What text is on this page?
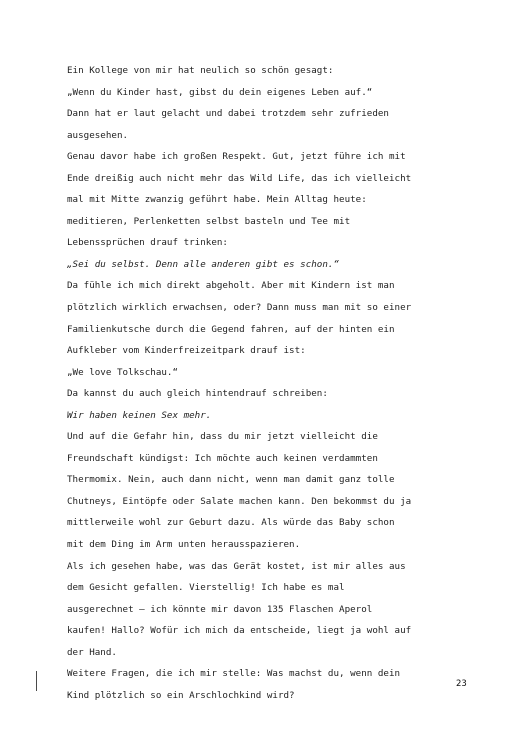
Ein Kollege von mir hat neulich so schön gesagt:
„Wenn du Kinder hast, gibst du dein eigenes Leben auf.“
Dann hat er laut gelacht und dabei trotzdem sehr zufrieden
ausgesehen.
Genau davor habe ich großen Respekt. Gut, jetzt führe ich mit
Ende dreißig auch nicht mehr das Wild Life, das ich vielleicht
mal mit Mitte zwanzig geführt habe. Mein Alltag heute:
meditieren, Perlenketten selbst basteln und Tee mit
Lebenssprüchen drauf trinken:
„Sei du selbst. Denn alle anderen gibt es schon.“
Da fühle ich mich direkt abgeholt. Aber mit Kindern ist man
plötzlich wirklich erwachsen, oder? Dann muss man mit so einer
Familienkutsche durch die Gegend fahren, auf der hinten ein
Aufkleber vom Kinderfreizeitpark drauf ist:
„We love Tolkschau.“
Da kannst du auch gleich hintendrauf schreiben:
Wir haben keinen Sex mehr.
Und auf die Gefahr hin, dass du mir jetzt vielleicht die
Freundschaft kündigst: Ich möchte auch keinen verdammten
Thermomix. Nein, auch dann nicht, wenn man damit ganz tolle
Chutneys, Eintöpfe oder Salate machen kann. Den bekommst du ja
mittlerweile wohl zur Geburt dazu. Als würde das Baby schon
mit dem Ding im Arm unten herausspazieren.
Als ich gesehen habe, was das Gerät kostet, ist mir alles aus
dem Gesicht gefallen. Vierstellig! Ich habe es mal
ausgerechnet – ich könnte mir davon 135 Flaschen Aperol
kaufen! Hallo? Wofür ich mich da entscheide, liegt ja wohl auf
der Hand.
Weitere Fragen, die ich mir stelle: Was machst du, wenn dein
Kind plötzlich so ein Arschlochkind wird?
23
